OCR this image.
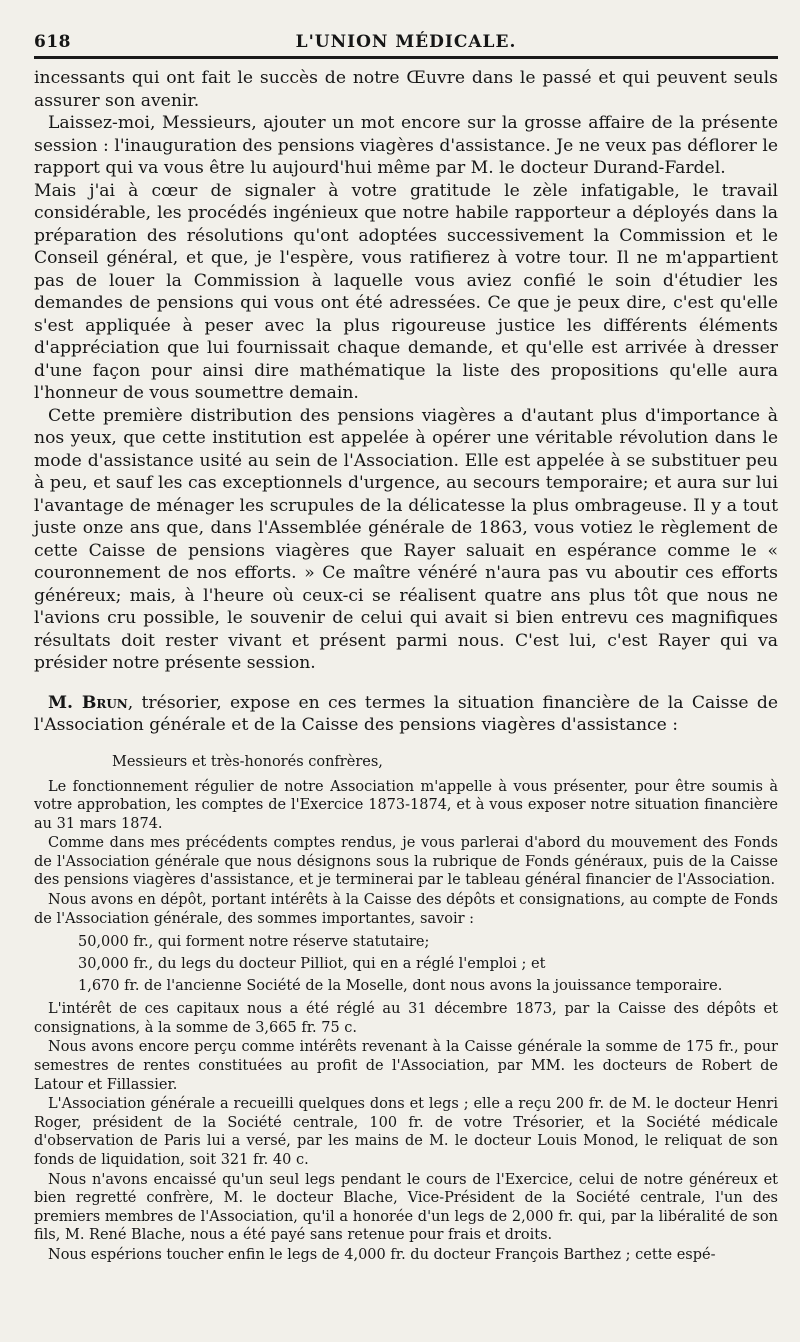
618	L'UNION MÉDICALE.

incessants qui ont fait le succès de notre Œuvre dans le passé et qui peuvent seuls assurer son avenir.

Laissez-moi, Messieurs, ajouter un mot encore sur la grosse affaire de la présente session : l'inauguration des pensions viagères d'assistance. Je ne veux pas déflorer le rapport qui va vous être lu aujourd'hui même par M. le docteur Durand-Fardel.

Mais j'ai à cœur de signaler à votre gratitude le zèle infatigable, le travail considérable, les procédés ingénieux que notre habile rapporteur a déployés dans la préparation des résolutions qu'ont adoptées successivement la Commission et le Conseil général, et que, je l'espère, vous ratifierez à votre tour. Il ne m'appartient pas de louer la Commission à laquelle vous aviez confié le soin d'étudier les demandes de pensions qui vous ont été adressées. Ce que je peux dire, c'est qu'elle s'est appliquée à peser avec la plus rigoureuse justice les différents éléments d'appréciation que lui fournissait chaque demande, et qu'elle est arrivée à dresser d'une façon pour ainsi dire mathématique la liste des propositions qu'elle aura l'honneur de vous soumettre demain.

Cette première distribution des pensions viagères a d'autant plus d'importance à nos yeux, que cette institution est appelée à opérer une véritable révolution dans le mode d'assistance usité au sein de l'Association. Elle est appelée à se substituer peu à peu, et sauf les cas exceptionnels d'urgence, au secours temporaire; et aura sur lui l'avantage de ménager les scrupules de la délicatesse la plus ombrageuse. Il y a tout juste onze ans que, dans l'Assemblée générale de 1863, vous votiez le règlement de cette Caisse de pensions viagères que Rayer saluait en espérance comme le « couronnement de nos efforts. » Ce maître vénéré n'aura pas vu aboutir ces efforts généreux; mais, à l'heure où ceux-ci se réalisent quatre ans plus tôt que nous ne l'avions cru possible, le souvenir de celui qui avait si bien entrevu ces magnifiques résultats doit rester vivant et présent parmi nous. C'est lui, c'est Rayer qui va présider notre présente session.

M. Brun, trésorier, expose en ces termes la situation financière de la Caisse de l'Association générale et de la Caisse des pensions viagères d'assistance :

Messieurs et très-honorés confrères,

Le fonctionnement régulier de notre Association m'appelle à vous présenter, pour être soumis à votre approbation, les comptes de l'Exercice 1873-1874, et à vous exposer notre situation financière au 31 mars 1874.

Comme dans mes précédents comptes rendus, je vous parlerai d'abord du mouvement des Fonds de l'Association générale que nous désignons sous la rubrique de Fonds généraux, puis de la Caisse des pensions viagères d'assistance, et je terminerai par le tableau général financier de l'Association.

Nous avons en dépôt, portant intérêts à la Caisse des dépôts et consignations, au compte de Fonds de l'Association générale, des sommes importantes, savoir :

50,000 fr., qui forment notre réserve statutaire;

30,000 fr., du legs du docteur Pilliot, qui en a réglé l'emploi ; et

1,670 fr. de l'ancienne Société de la Moselle, dont nous avons la jouissance temporaire.

L'intérêt de ces capitaux nous a été réglé au 31 décembre 1873, par la Caisse des dépôts et consignations, à la somme de 3,665 fr. 75 c.

Nous avons encore perçu comme intérêts revenant à la Caisse générale la somme de 175 fr., pour semestres de rentes constituées au profit de l'Association, par MM. les docteurs de Robert de Latour et Fillassier.

L'Association générale a recueilli quelques dons et legs ; elle a reçu 200 fr. de M. le docteur Henri Roger, président de la Société centrale, 100 fr. de votre Trésorier, et la Société médicale d'observation de Paris lui a versé, par les mains de M. le docteur Louis Monod, le reliquat de son fonds de liquidation, soit 321 fr. 40 c.

Nous n'avons encaissé qu'un seul legs pendant le cours de l'Exercice, celui de notre généreux et bien regretté confrère, M. le docteur Blache, Vice-Président de la Société centrale, l'un des premiers membres de l'Association, qu'il a honorée d'un legs de 2,000 fr. qui, par la libéralité de son fils, M. René Blache, nous a été payé sans retenue pour frais et droits.

Nous espérions toucher enfin le legs de 4,000 fr. du docteur François Barthez ; cette espé-
